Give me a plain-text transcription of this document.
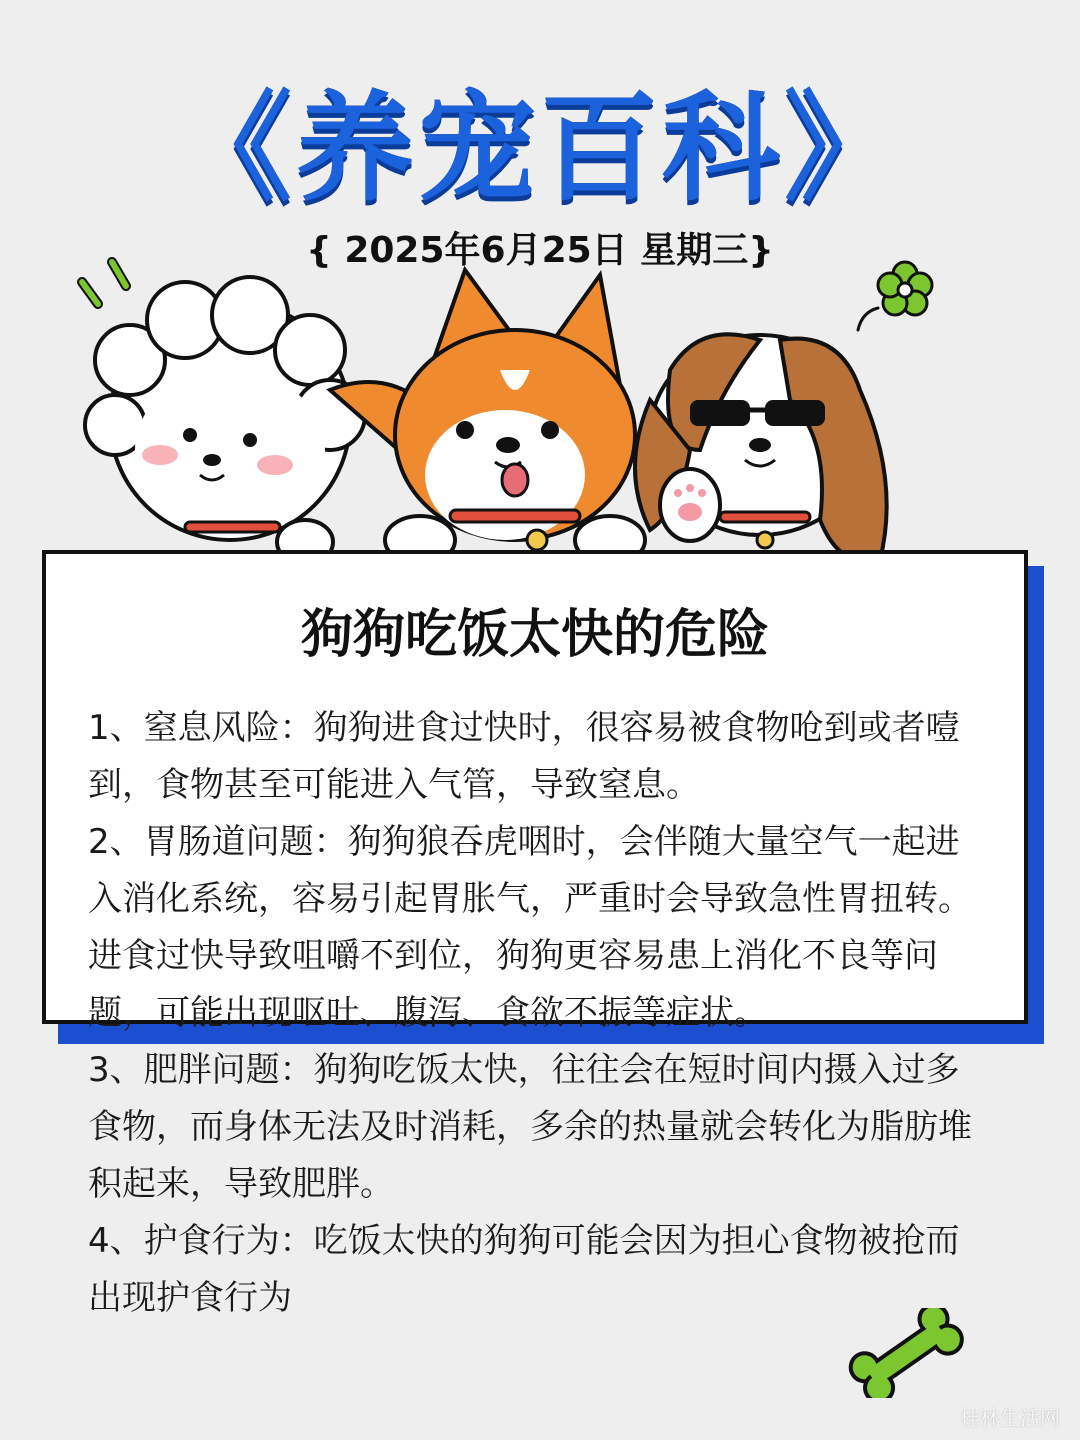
《养宠百科》
{ 2025年6月25日 星期三}
狗狗吃饭太快的危险

1、窒息风险：狗狗进食过快时，很容易被食物呛到或者噎到，食物甚至可能进入气管，导致窒息。

2、胃肠道问题：狗狗狼吞虎咽时，会伴随大量空气一起进入消化系统，容易引起胃胀气，严重时会导致急性胃扭转。进食过快导致咀嚼不到位，狗狗更容易患上消化不良等问题，可能出现呕吐、腹泻、食欲不振等症状。

3、肥胖问题：狗狗吃饭太快，往往会在短时间内摄入过多食物，而身体无法及时消耗，多余的热量就会转化为脂肪堆积起来，导致肥胖。

4、护食行为：吃饭太快的狗狗可能会因为担心食物被抢而出现护食行为

桂林生活网
